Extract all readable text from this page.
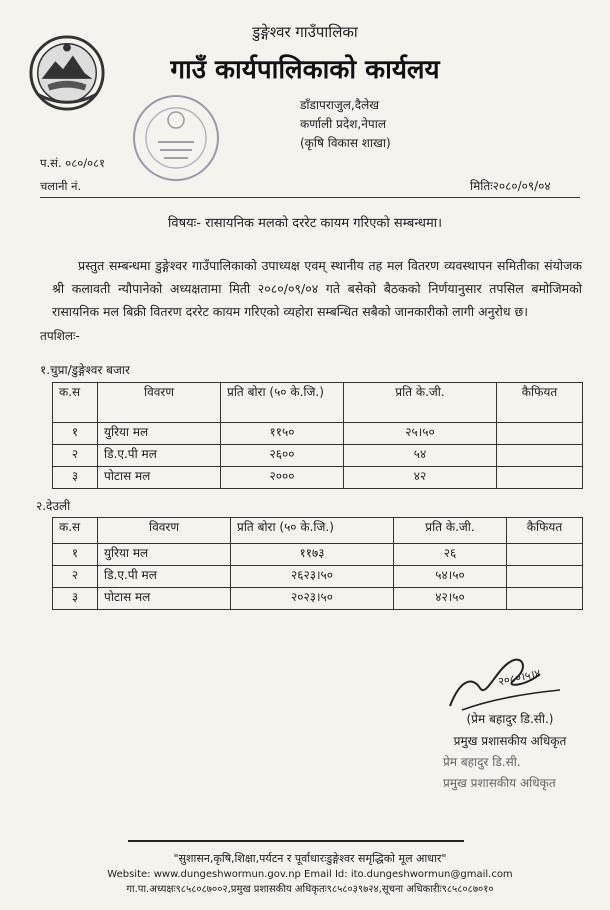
डुङ्गेश्वर गाउँपालिका
गाउँ कार्यपालिकाको कार्यलय
डाँडापराजुल,दैलेख
कर्णाली प्रदेश,नेपाल
(कृषि विकास शाखा)
प.सं. ०८०/०८१
चलानी नं.	मितिः२०८०/०९/०४
विषयः- रासायनिक मलको दररेट कायम गरिएको सम्बन्धमा।
प्रस्तुत सम्बन्धमा डुङ्गेश्वर गाउँपालिकाको उपाध्यक्ष एवम् स्थानीय तह मल वितरण व्यवस्थापन समितीका संयोजक श्री कलावती न्यौपानेको अध्यक्षतामा मिती २०८०/०९/०४ गते बसेको बैठकको निर्णयानुसार तपसिल बमोजिमको रासायनिक मल बिक्री वितरण दररेट कायम गरिएको व्यहोरा सम्बन्धित सबैको जानकारीको लागी अनुरोध छ।
तपशिलः-
१.चुप्रा/डुङ्गेश्वर बजार
क.स	विवरण	प्रति बोरा (५० के.जि.)	प्रति के.जी.	कैफियत
१	युरिया मल	११५०	२५।५०	
२	डि.ए.पी मल	२६००	५४	
३	पोटास मल	२०००	४२	
२.देउली
क.स	विवरण	प्रति बोरा (५० के.जि.)	प्रति के.जी.	कैफियत
१	युरिया मल	११७३	२६	
२	डि.ए.पी मल	२६२३।५०	५४।५०	
३	पोटास मल	२०२३।५०	४२।५०	
२०८०।५।४
(प्रेम बहादुर डि.सी.)
प्रमुख प्रशासकीय अधिकृत
प्रेम बहादुर डि.सी.
प्रमुख प्रशासकीय अधिकृत
"सुशासन,कृषि,शिक्षा,पर्यटन र पूर्वाधारःडुङ्गेश्वर समृद्धिको मूल आधार"
Website: www.dungeshwormun.gov.np Email Id: ito.dungeshwormun@gmail.com
गा.पा.अध्यक्षः९८५८०८७००२,प्रमुख प्रशासकीय अधिकृतः९८५८०३९७२४,सूचना अधिकारीः९८५८०८७०१०
